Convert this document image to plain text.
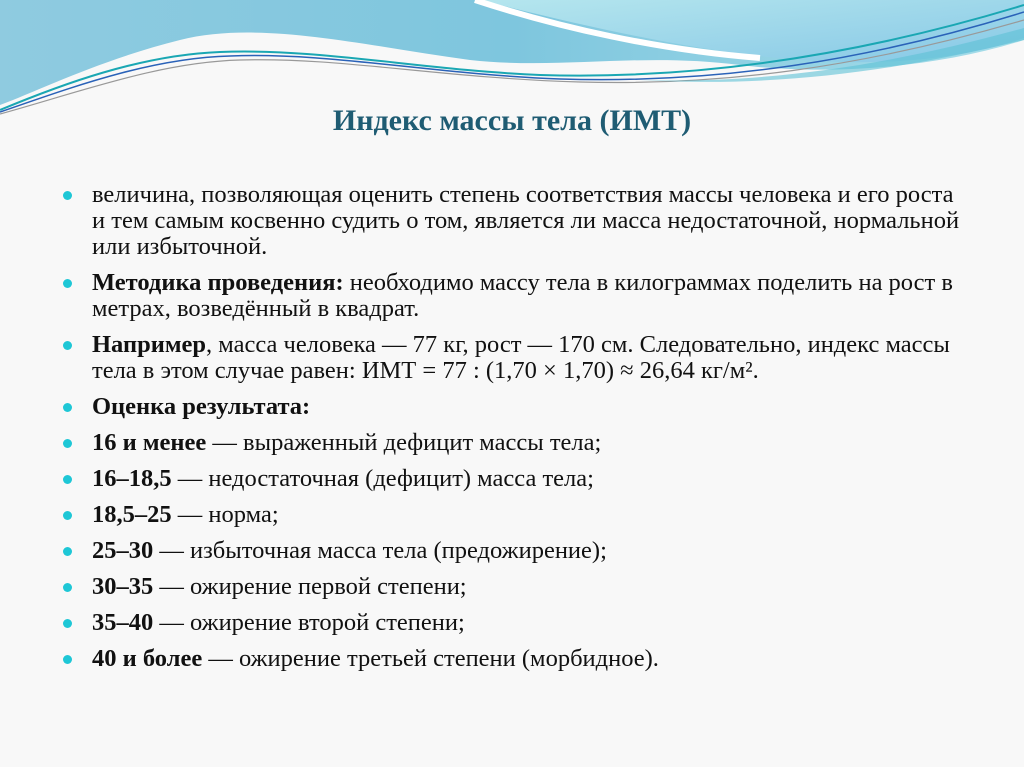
Индекс массы тела (ИМТ)
величина, позволяющая оценить степень соответствия массы человека и его роста и тем самым косвенно судить о том, является ли масса недостаточной, нормальной или избыточной.
Методика проведения: необходимо массу тела в килограммах поделить на рост в метрах, возведённый в квадрат.
Например, масса человека — 77 кг, рост — 170 см. Следовательно, индекс массы тела в этом случае равен: ИМТ = 77 : (1,70 × 1,70) ≈ 26,64 кг/м².
Оценка результата:
16 и менее — выраженный дефицит массы тела;
16–18,5 — недостаточная (дефицит) масса тела;
18,5–25 — норма;
25–30 — избыточная масса тела (предожирение);
30–35 — ожирение первой степени;
35–40 — ожирение второй степени;
40 и более — ожирение третьей степени (морбидное).
